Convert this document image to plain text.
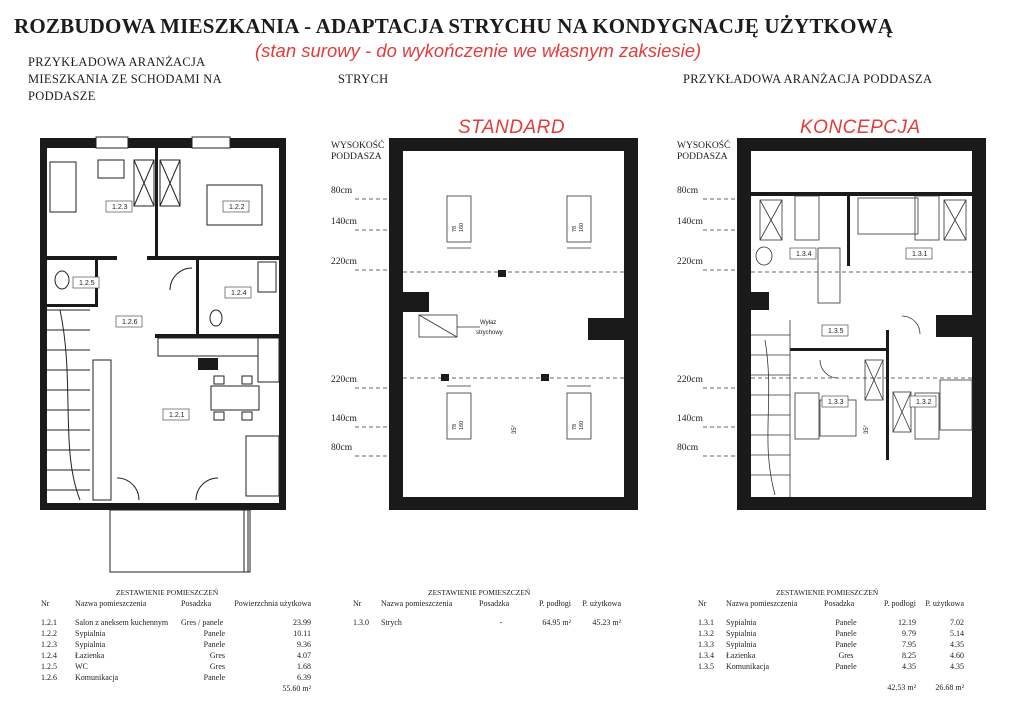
ROZBUDOWA MIESZKANIA - ADAPTACJA STRYCHU NA KONDYGNACJĘ UŻYTKOWĄ
(stan surowy - do wykończenie we własnym zaksiesie)
PRZYKŁADOWA ARANŻACJA
MIESZKANIA ZE SCHODAMI NA
PODDASZE
STRYCH	PRZYKŁADOWA ARANŻACJA PODDASZA
STANDARD	KONCEPCJA
WYSOKOŚĆ
PODDASZA
80cm
140cm
220cm
220cm
140cm
80cm
WYSOKOŚĆ
PODDASZA
80cm
140cm
220cm
220cm
140cm
80cm
1.2.3	1.2.2
1.2.5
1.2.4
1.2.6
1.2.1
1.3.4	1.3.1
1.3.5
1.3.3	1.3.2
Wyłaz
strychowy
35°	35°
78 160	78 160
78 160	78 160
ZESTAWIENIE POMIESZCZEŃ
Nr	Nazwa pomieszczenia	Posadzka	Powierzchnia użytkowa

1.2.1	Salon z aneksem kuchennym	Gres / panele	23.99
1.2.2	Sypialnia	Panele	10.11
1.2.3	Sypialnia	Panele	9.36
1.2.4	Łazienka	Gres	4.07
1.2.5	WC	Gres	1.68
1.2.6	Komunikacja	Panele	6.39
			55.60 m²
ZESTAWIENIE POMIESZCZEŃ
Nr	Nazwa pomieszczenia	Posadzka	P. podłogi	P. użytkowa

1.3.0	Strych	-	64.95 m²	45.23 m²
ZESTAWIENIE POMIESZCZEŃ
Nr	Nazwa pomieszczenia	Posadzka	P. podłogi	P. użytkowa

1.3.1	Sypialnia	Panele	12.19	7.02
1.3.2	Sypialnia	Panele	9.79	5.14
1.3.3	Sypialnia	Panele	7.95	4.35
1.3.4	Łazienka	Gres	8.25	4.60
1.3.5	Komunikacja	Panele	4.35	4.35

			42.53 m²	26.68 m²
